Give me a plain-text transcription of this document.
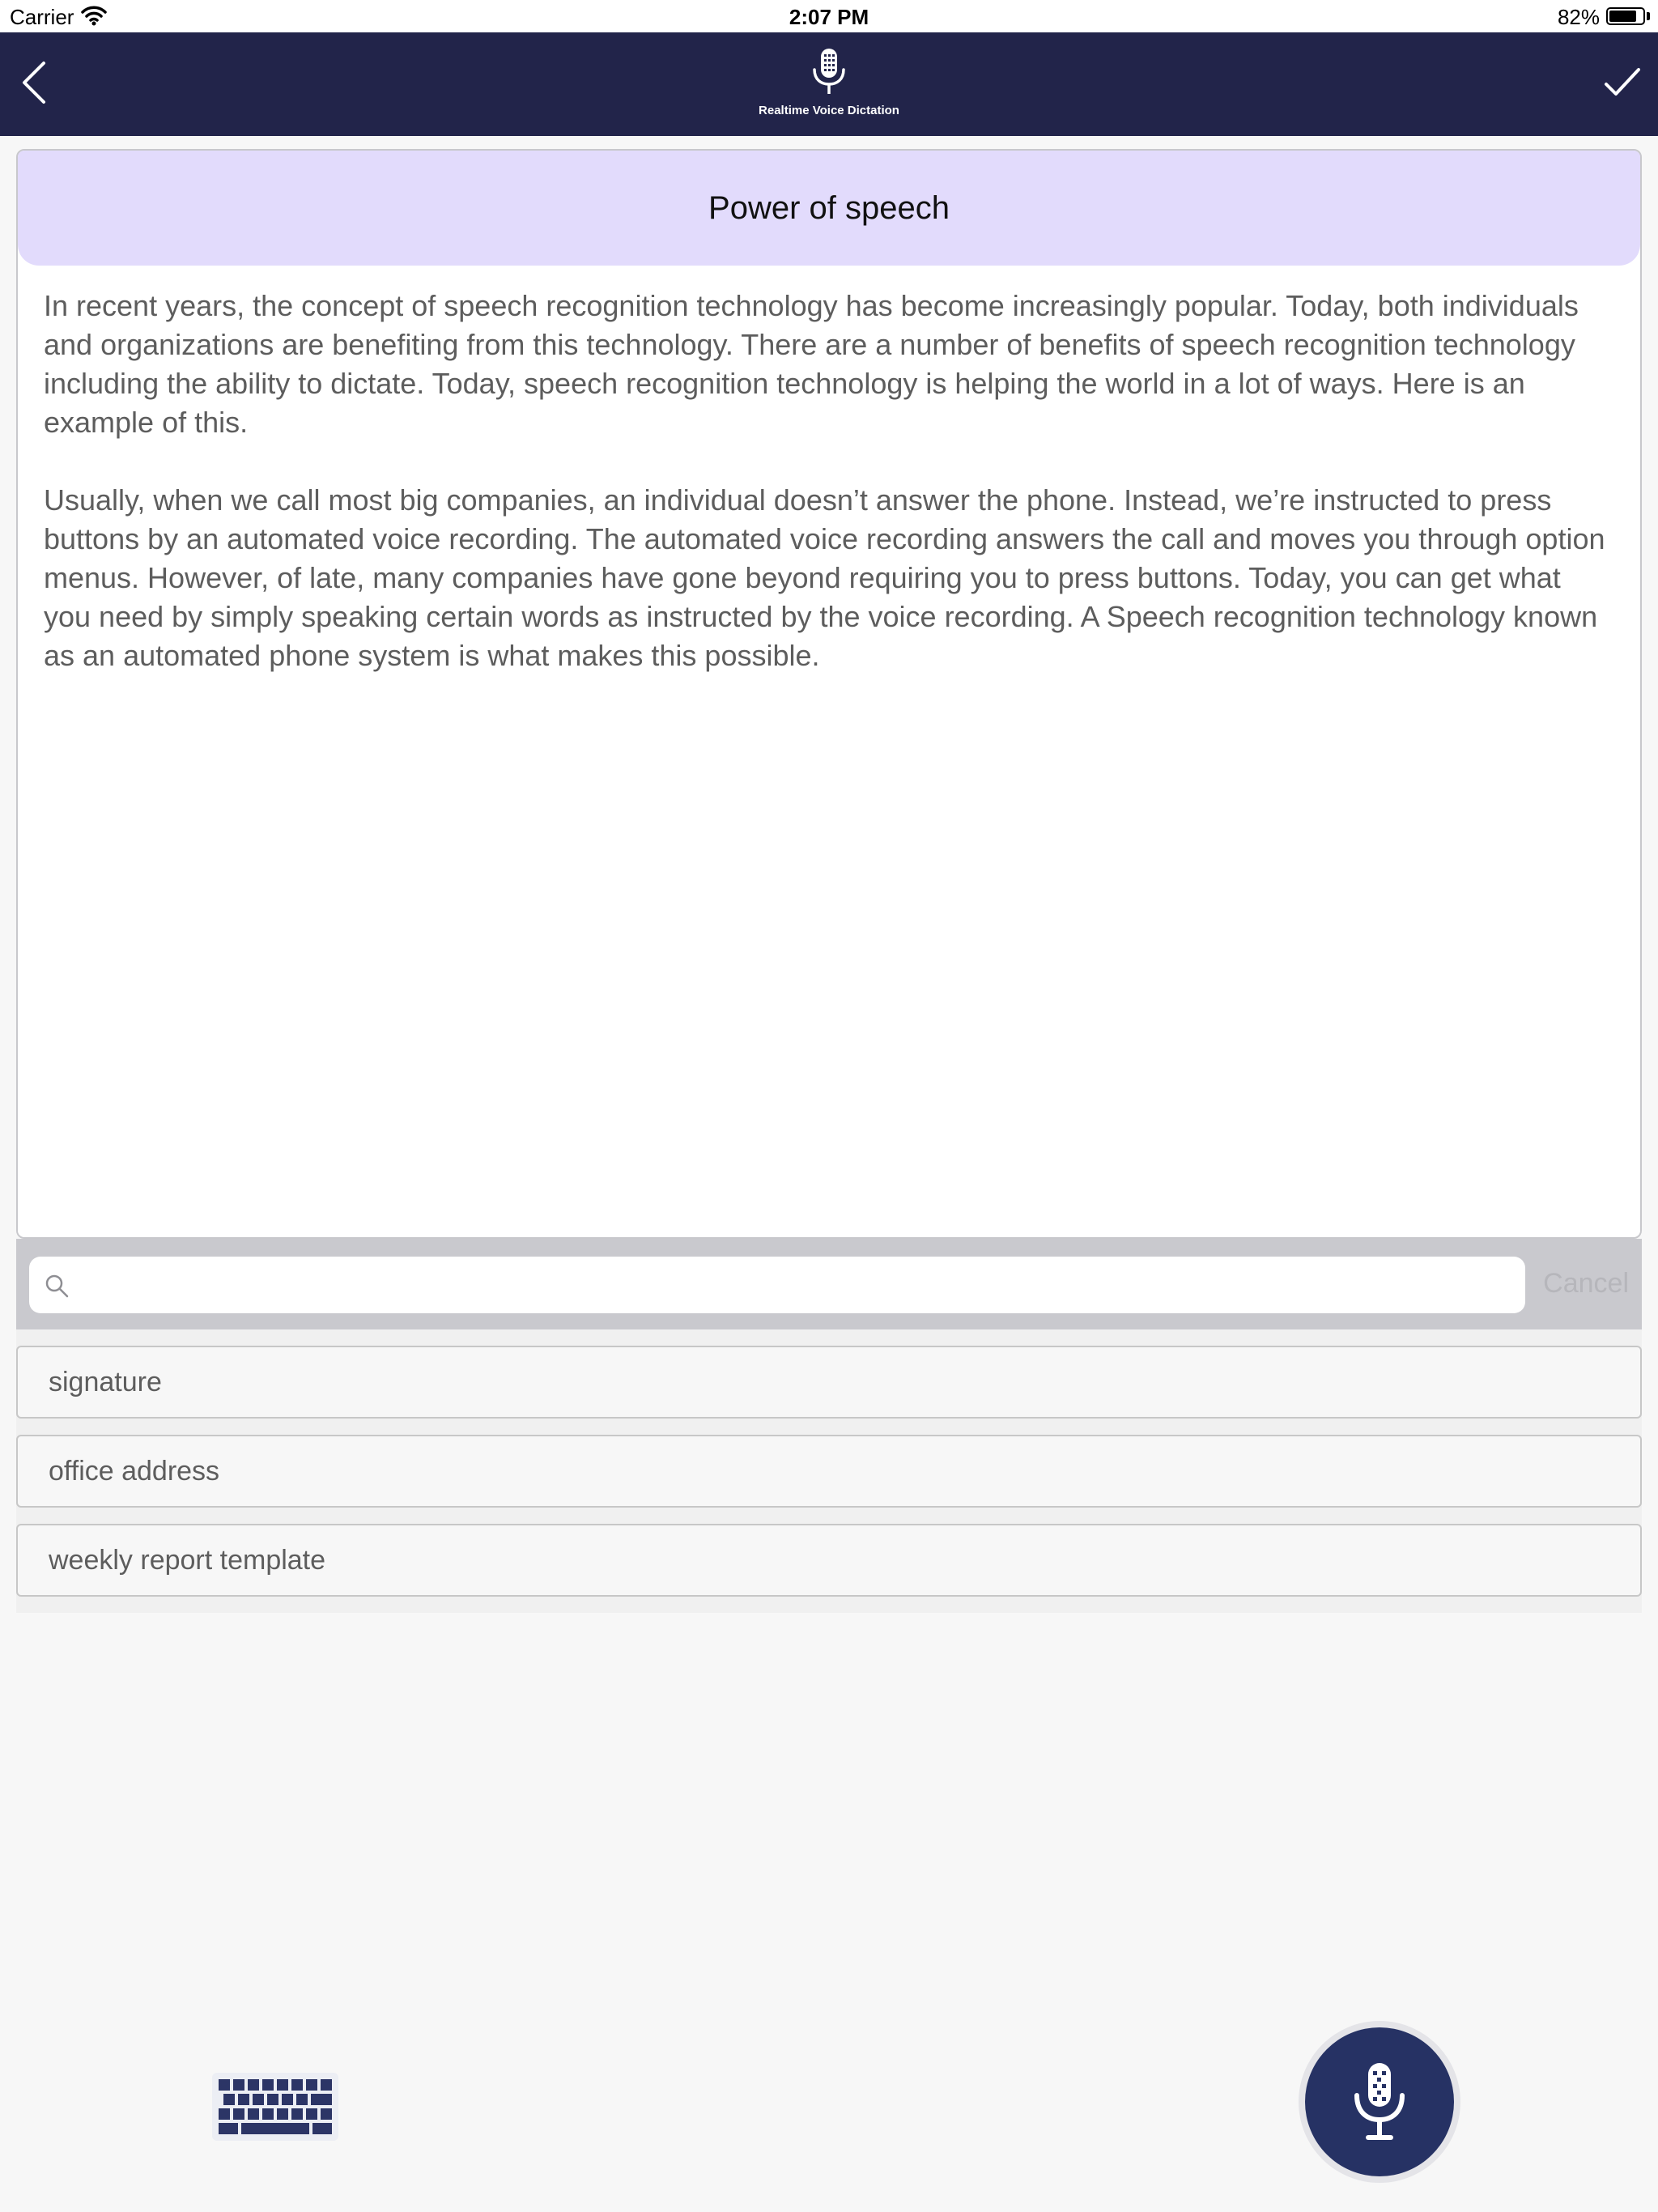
Carrier	2:07 PM	82%
Realtime Voice Dictation
Power of speech

In recent years, the concept of speech recognition technology has become increasingly popular. Today, both individuals and organizations are benefiting from this technology. There are a number of benefits of speech recognition technology including the ability to dictate. Today, speech recognition technology is helping the world in a lot of ways. Here is an example of this.

Usually, when we call most big companies, an individual doesn’t answer the phone. Instead, we’re instructed to press buttons by an automated voice recording. The automated voice recording answers the call and moves you through option menus. However, of late, many companies have gone beyond requiring you to press buttons. Today, you can get what you need by simply speaking certain words as instructed by the voice recording. A Speech recognition technology known as an automated phone system is what makes this possible.

Cancel
signature
office address
weekly report template
